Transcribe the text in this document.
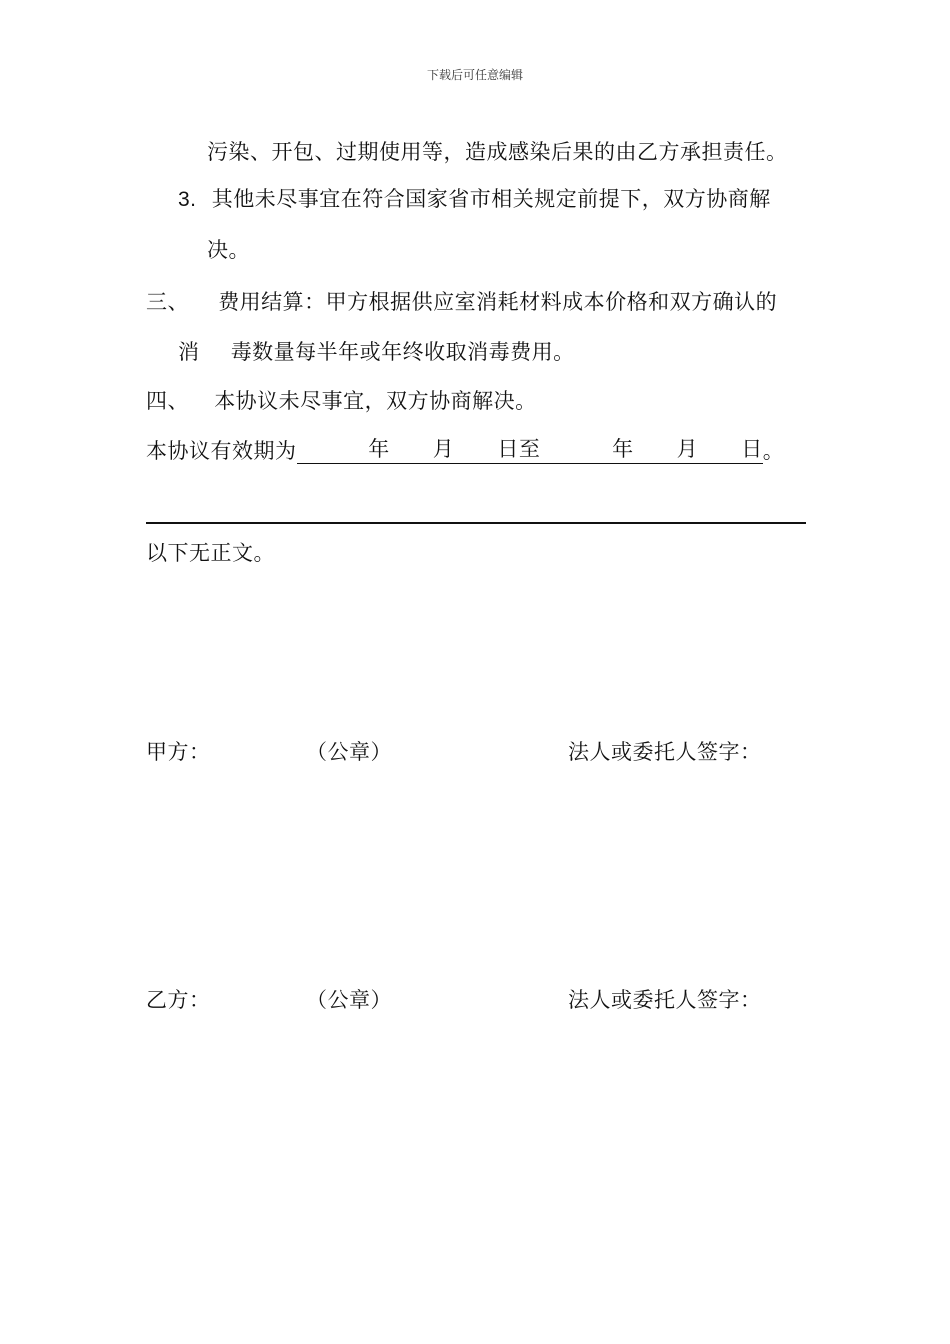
下载后可任意编辑
污染、开包、过期使用等，造成感染后果的由乙方承担责任。
3. 其他未尽事宜在符合国家省市相关规定前提下，双方协商解
决。
三、 费用结算：甲方根据供应室消耗材料成本价格和双方确认的
消 毒数量每半年或年终收取消毒费用。
四、 本协议未尽事宜，双方协商解决。
本协议有效期为          年      月      日至          年      月      日。
以下无正文。
甲方：	（公章）	法人或委托人签字：
乙方：	（公章）	法人或委托人签字：
